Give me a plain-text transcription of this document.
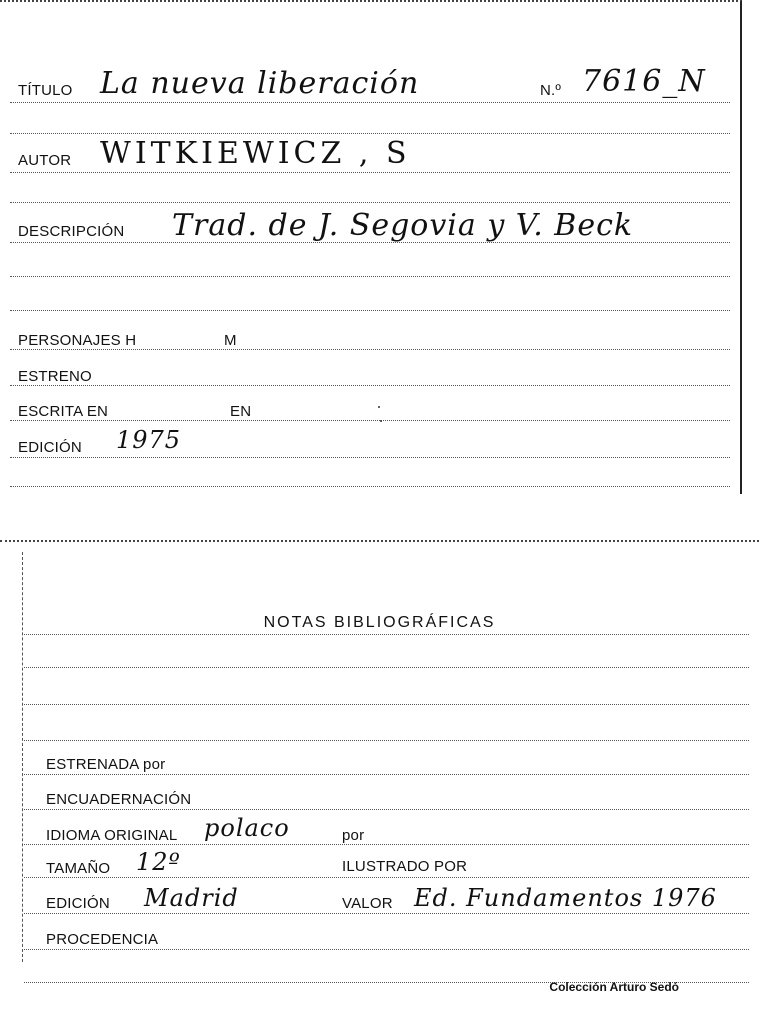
TÍTULO La nueva liberación	N.º 7616_N
AUTOR WITKIEWICZ , S
DESCRIPCIÓN Trad. de J. Segovia y V. Beck
PERSONAJES H	M
ESTRENO
ESCRITA EN	EN
EDICIÓN 1975
NOTAS BIBLIOGRÁFICAS
ESTRENADA por
ENCUADERNACIÓN
IDIOMA ORIGINAL polaco	por
TAMAÑO 12º	ILUSTRADO POR
EDICIÓN Madrid	VALOR Ed. Fundamentos 1976
PROCEDENCIA
Colección Arturo Sedó
